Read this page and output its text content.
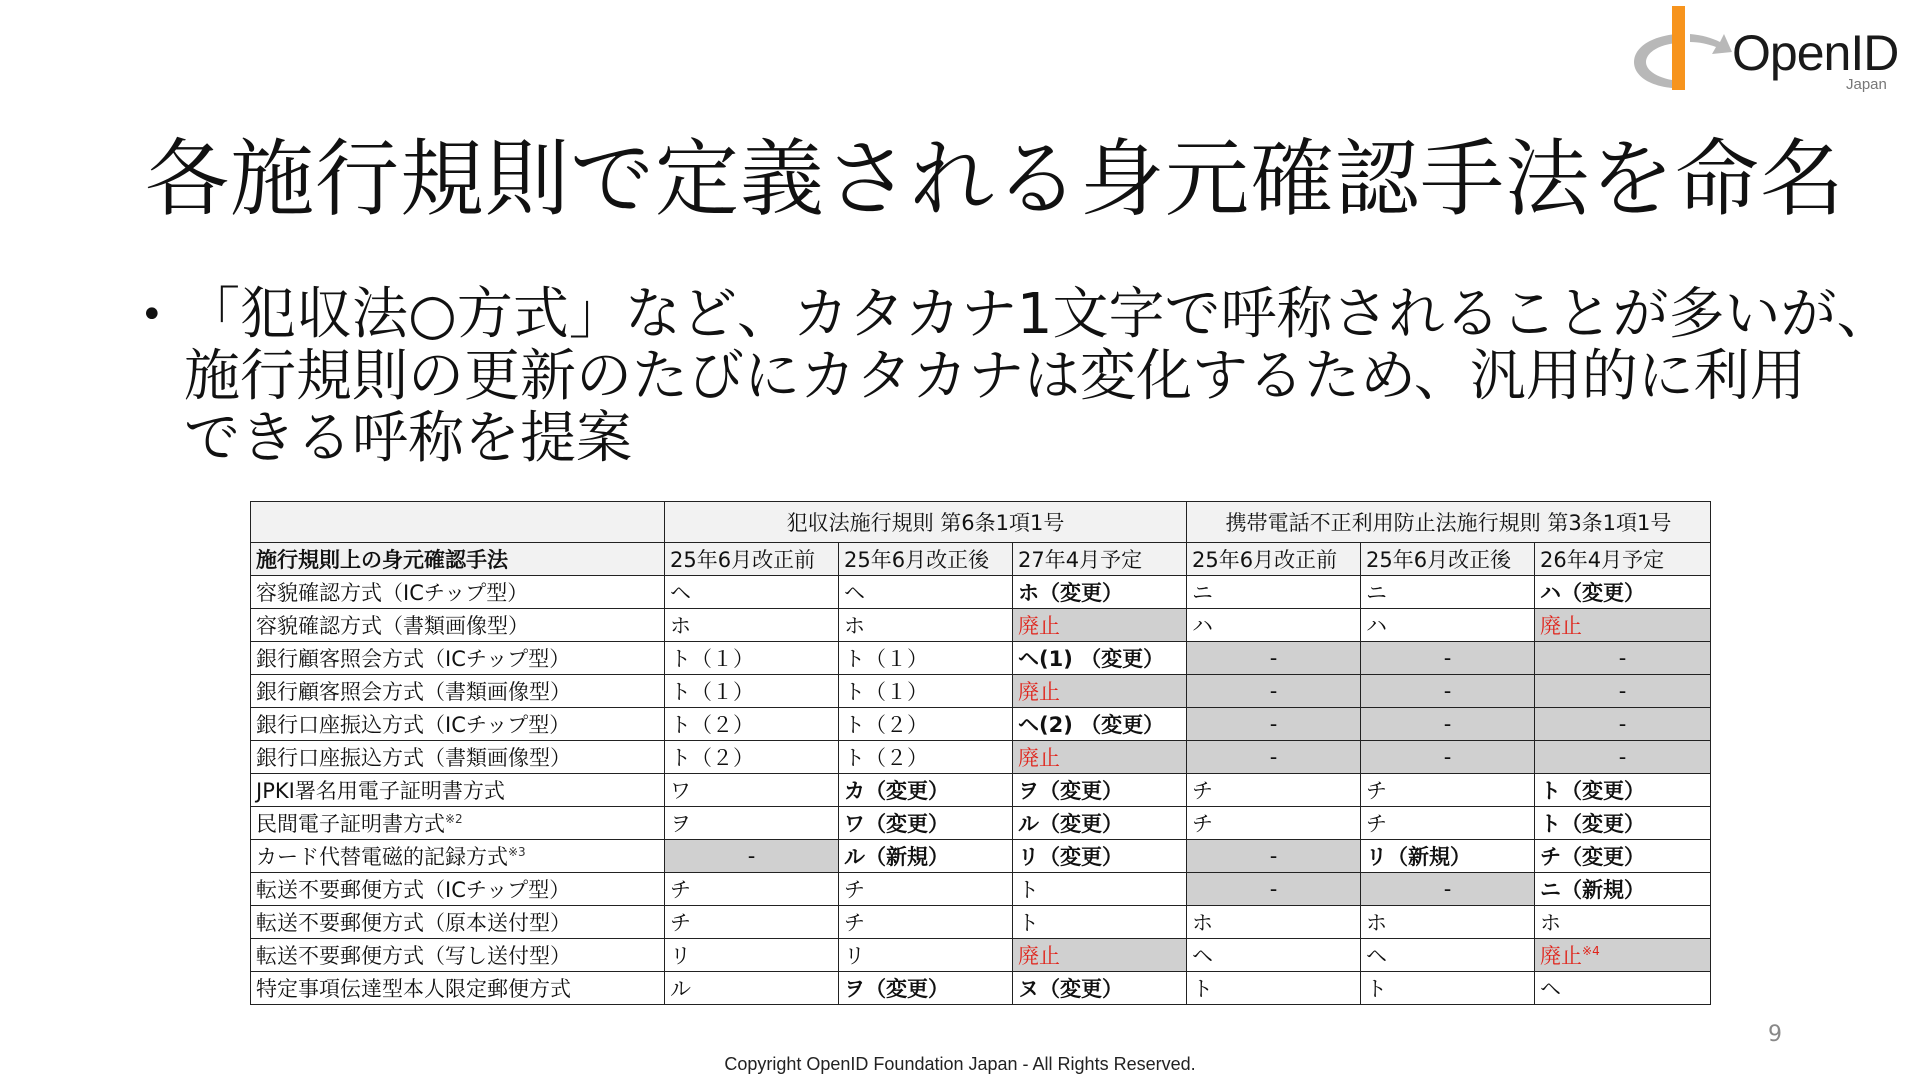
OpenID
Japan
各施行規則で定義される身元確認手法を命名
• 「犯収法○方式」など、カタカナ1文字で呼称されることが多いが、
施行規則の更新のたびにカタカナは変化するため、汎用的に利用
できる呼称を提案
	犯収法施行規則 第6条1項1号			携帯電話不正利用防止法施行規則 第3条1項1号		
施行規則上の身元確認手法	25年6月改正前	25年6月改正後	27年4月予定	25年6月改正前	25年6月改正後	26年4月予定
容貌確認方式（ICチップ型）	ヘ	ヘ	ホ（変更）	ニ	ニ	ハ（変更）
容貌確認方式（書類画像型）	ホ	ホ	廃止	ハ	ハ	廃止
銀行顧客照会方式（ICチップ型）	ト（１）	ト（１）	ヘ(1) （変更）	-	-	-
銀行顧客照会方式（書類画像型）	ト（１）	ト（１）	廃止	-	-	-
銀行口座振込方式（ICチップ型）	ト（２）	ト（２）	ヘ(2) （変更）	-	-	-
銀行口座振込方式（書類画像型）	ト（２）	ト（２）	廃止	-	-	-
JPKI署名用電子証明書方式	ワ	カ（変更）	ヲ（変更）	チ	チ	ト（変更）
民間電子証明書方式$^{※2}$	ヲ	ワ（変更）	ル（変更）	チ	チ	ト（変更）
カード代替電磁的記録方式$^{※3}$	-	ル（新規）	リ（変更）	-	リ（新規）	チ（変更）
転送不要郵便方式（ICチップ型）	チ	チ	ト	-	-	ニ（新規）
転送不要郵便方式（原本送付型）	チ	チ	ト	ホ	ホ	ホ
転送不要郵便方式（写し送付型）	リ	リ	廃止	ヘ	ヘ	廃止$^{※4}$
特定事項伝達型本人限定郵便方式	ル	ヲ（変更）	ヌ（変更）	ト	ト	ヘ
9
Copyright OpenID Foundation Japan - All Rights Reserved.
